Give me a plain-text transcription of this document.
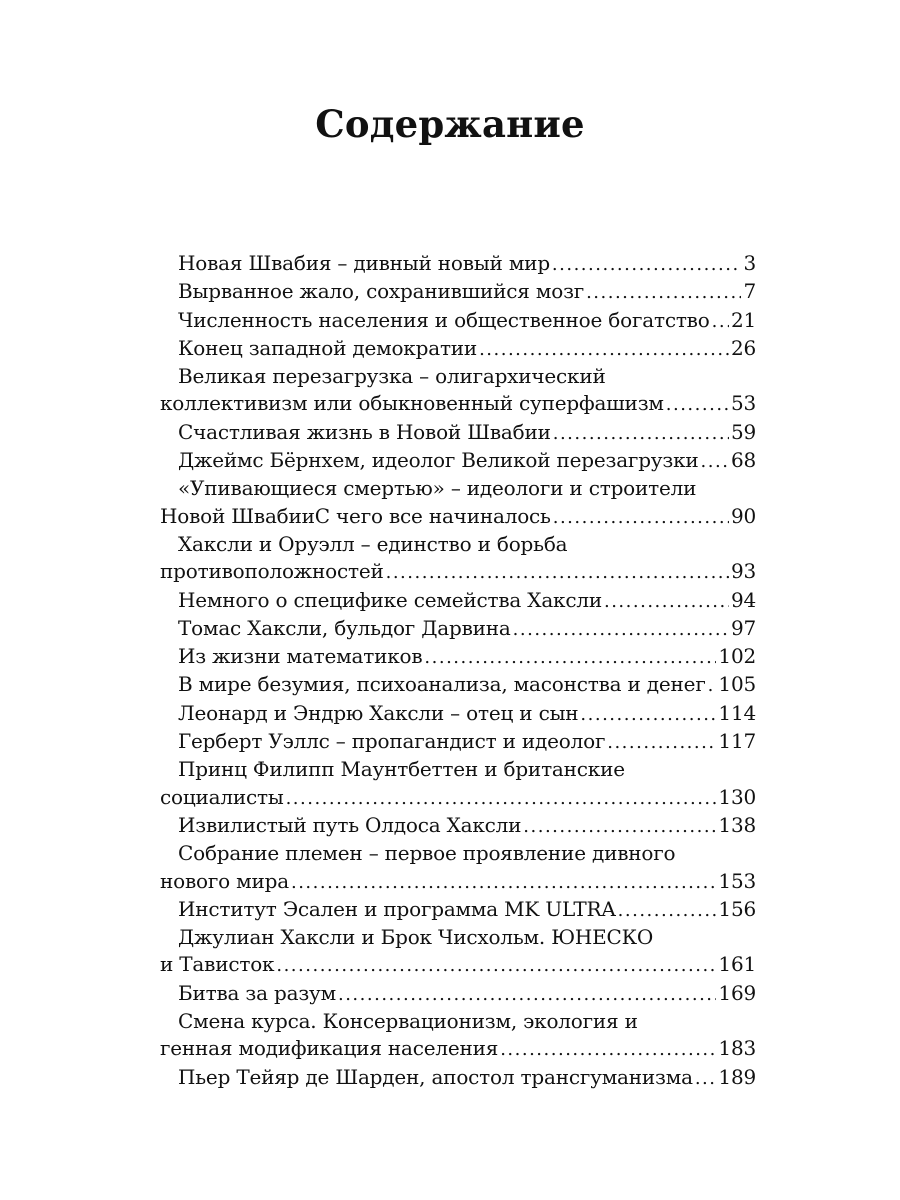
Содержание
Новая Швабия – дивный новый мир .....	3
Вырванное жало, сохранившийся мозг .....	7
Численность населения и общественное богатство ..... 21
Конец западной демократии .....	26
Великая перезагрузка – олигархический
коллективизм или обыкновенный суперфашизм .....	53
Счастливая жизнь в Новой Швабии .....	59
Джеймс Бёрнхем, идеолог Великой перезагрузки ..... 68
«Упивающиеся смертью» – идеологи и строители
Новой ШвабииС чего все начиналось .....	90
Хаксли и Оруэлл – единство и борьба
противоположностей .....	93
Немного о специфике семейства Хаксли .....	94
Томас Хаксли, бульдог Дарвина .....	97
Из жизни математиков .....	102
В мире безумия, психоанализа, масонства и денег ..... 105
Леонард и Эндрю Хаксли – отец и сын .....	114
Герберт Уэллс – пропагандист и идеолог .....	117
Принц Филипп Маунтбеттен и британские
социалисты .....	130
Извилистый путь Олдоса Хаксли .....	138
Собрание племен – первое проявление дивного
нового мира .....	153
Институт Эсален и программа MK ULTRA .....	156
Джулиан Хаксли и Брок Чисхольм. ЮНЕСКО
и Тависток .....	161
Битва за разум .....	169
Смена курса. Консервационизм, экология и
генная модификация населения .....	183
Пьер Тейяр де Шарден, апостол трансгуманизма ..... 189
